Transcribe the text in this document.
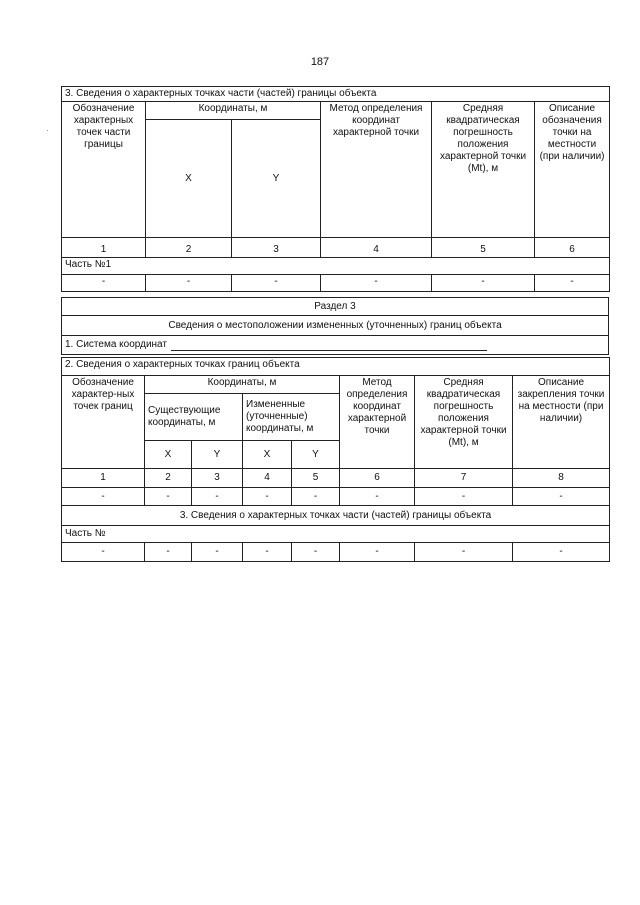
187
·
3. Сведения о характерных точках части (частей) границы объекта					
Обозначение характерных точек части границы	Координаты, м		Метод определения координат характерной точки	Средняя квадратическая погрешность положения характерной точки (Mt), м	Описание обозначения точки на местности (при наличии)
	X	Y			
1	2	3	4	5	6
Часть №1					
-	-	-	-	-	-
Раздел 3
Сведения о местоположении измененных (уточненных) границ объекта
1. Система координат
2. Сведения о характерных точках границ объекта							
Обозначение характер-ных точек границ	Координаты, м				Метод определения координат характерной точки	Средняя квадратическая погрешность положения характерной точки (Mt), м	Описание закрепления точки на местности (при наличии)
	Существующие координаты, м		Измененные (уточненные) координаты, м				
	X	Y	X	Y			
1	2	3	4	5	6	7	8
-	-	-	-	-	-	-	-
3. Сведения о характерных точках части (частей) границы объекта							
Часть №							
-	-	-	-	-	-	-	-
